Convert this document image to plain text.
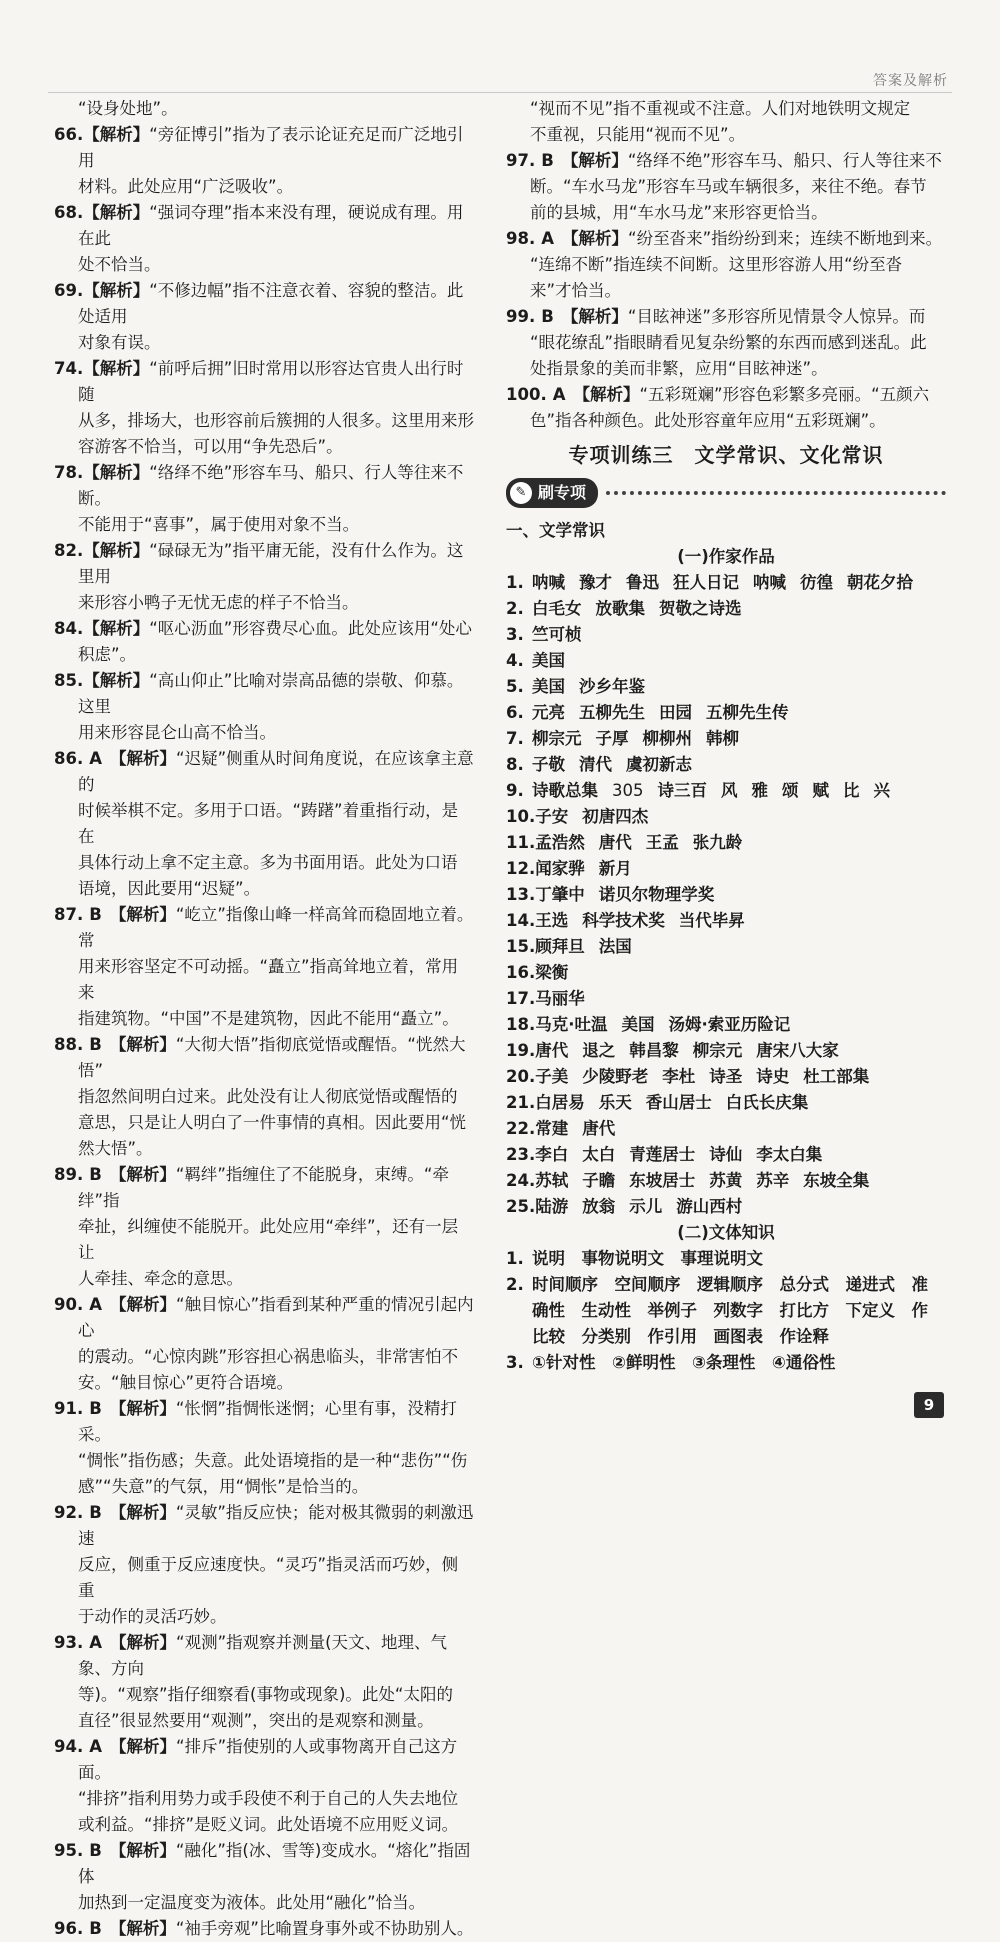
答案及解析
“设身处地”。
66.【解析】“旁征博引”指为了表示论证充足而广泛地引用
材料。此处应用“广泛吸收”。
68.【解析】“强词夺理”指本来没有理，硬说成有理。用在此
处不恰当。
69.【解析】“不修边幅”指不注意衣着、容貌的整洁。此处适用
对象有误。
74.【解析】“前呼后拥”旧时常用以形容达官贵人出行时随
从多，排场大，也形容前后簇拥的人很多。这里用来形
容游客不恰当，可以用“争先恐后”。
78.【解析】“络绎不绝”形容车马、船只、行人等往来不断。
不能用于“喜事”，属于使用对象不当。
82.【解析】“碌碌无为”指平庸无能，没有什么作为。这里用
来形容小鸭子无忧无虑的样子不恰当。
84.【解析】“呕心沥血”形容费尽心血。此处应该用“处心
积虑”。
85.【解析】“高山仰止”比喻对崇高品德的崇敬、仰慕。这里
用来形容昆仑山高不恰当。
86. A 【解析】“迟疑”侧重从时间角度说，在应该拿主意的
时候举棋不定。多用于口语。“踌躇”着重指行动，是在
具体行动上拿不定主意。多为书面用语。此处为口语
语境，因此要用“迟疑”。
87. B 【解析】“屹立”指像山峰一样高耸而稳固地立着。常
用来形容坚定不可动摇。“矗立”指高耸地立着，常用来
指建筑物。“中国”不是建筑物，因此不能用“矗立”。
88. B 【解析】“大彻大悟”指彻底觉悟或醒悟。“恍然大悟”
指忽然间明白过来。此处没有让人彻底觉悟或醒悟的
意思，只是让人明白了一件事情的真相。因此要用“恍
然大悟”。
89. B 【解析】“羁绊”指缠住了不能脱身，束缚。“牵绊”指
牵扯，纠缠使不能脱开。此处应用“牵绊”，还有一层让
人牵挂、牵念的意思。
90. A 【解析】“触目惊心”指看到某种严重的情况引起内心
的震动。“心惊肉跳”形容担心祸患临头，非常害怕不
安。“触目惊心”更符合语境。
91. B 【解析】“怅惘”指惆怅迷惘；心里有事，没精打采。
“惆怅”指伤感；失意。此处语境指的是一种“悲伤”“伤
感”“失意”的气氛，用“惆怅”是恰当的。
92. B 【解析】“灵敏”指反应快；能对极其微弱的刺激迅速
反应，侧重于反应速度快。“灵巧”指灵活而巧妙，侧重
于动作的灵活巧妙。
93. A 【解析】“观测”指观察并测量(天文、地理、气象、方向
等)。“观察”指仔细察看(事物或现象)。此处“太阳的
直径”很显然要用“观测”，突出的是观察和测量。
94. A 【解析】“排斥”指使别的人或事物离开自己这方面。
“排挤”指利用势力或手段使不利于自己的人失去地位
或利益。“排挤”是贬义词。此处语境不应用贬义词。
95. B 【解析】“融化”指(冰、雪等)变成水。“熔化”指固体
加热到一定温度变为液体。此处用“融化”恰当。
96. B 【解析】“袖手旁观”比喻置身事外或不协助别人。
“视而不见”指不重视或不注意。人们对地铁明文规定
不重视，只能用“视而不见”。
97. B 【解析】“络绎不绝”形容车马、船只、行人等往来不
断。“车水马龙”形容车马或车辆很多，来往不绝。春节
前的县城，用“车水马龙”来形容更恰当。
98. A 【解析】“纷至沓来”指纷纷到来；连续不断地到来。
“连绵不断”指连续不间断。这里形容游人用“纷至沓
来”才恰当。
99. B 【解析】“目眩神迷”多形容所见情景令人惊异。而
“眼花缭乱”指眼睛看见复杂纷繁的东西而感到迷乱。此
处指景象的美而非繁，应用“目眩神迷”。
100. A 【解析】“五彩斑斓”形容色彩繁多亮丽。“五颜六
色”指各种颜色。此处形容童年应用“五彩斑斓”。
专项训练三　文学常识、文化常识
✎ 刷专项
一、文学常识
(一)作家作品
1. 呐喊 豫才 鲁迅 狂人日记 呐喊 彷徨 朝花夕拾
2. 白毛女 放歌集 贺敬之诗选
3. 竺可桢
4. 美国
5. 美国 沙乡年鉴
6. 元亮 五柳先生 田园 五柳先生传
7. 柳宗元 子厚 柳柳州 韩柳
8. 子敬 清代 虞初新志
9. 诗歌总集 305 诗三百 风 雅 颂 赋 比 兴
10.子安 初唐四杰
11.孟浩然 唐代 王孟 张九龄
12.闻家骅 新月
13.丁肇中 诺贝尔物理学奖
14.王选 科学技术奖 当代毕昇
15.顾拜旦 法国
16.梁衡
17.马丽华
18.马克·吐温 美国 汤姆·索亚历险记
19.唐代 退之 韩昌黎 柳宗元 唐宋八大家
20.子美 少陵野老 李杜 诗圣 诗史 杜工部集
21.白居易 乐天 香山居士 白氏长庆集
22.常建 唐代
23.李白 太白 青莲居士 诗仙 李太白集
24.苏轼 子瞻 东坡居士 苏黄 苏辛 东坡全集
25.陆游 放翁 示儿 游山西村
(二)文体知识
1. 说明　事物说明文　事理说明文
2. 时间顺序　空间顺序　逻辑顺序　总分式　递进式　准
确性　生动性　举例子　列数字　打比方　下定义　作
比较　分类别　作引用　画图表　作诠释
3. ①针对性　②鲜明性　③条理性　④通俗性
9
